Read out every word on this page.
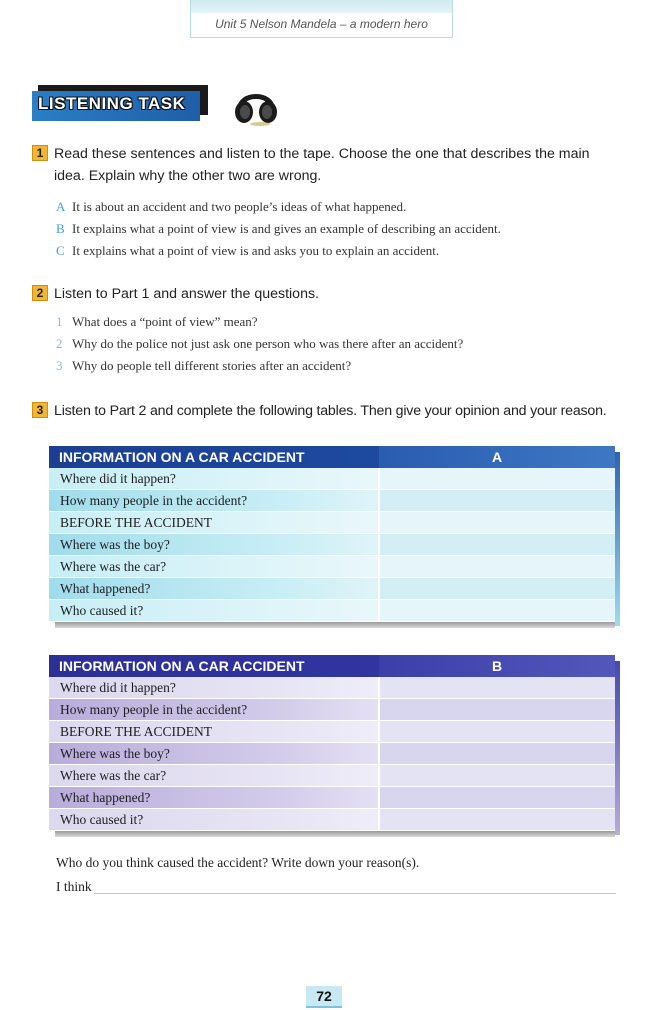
Unit 5 Nelson Mandela – a modern hero
LISTENING TASK
1 Read these sentences and listen to the tape. Choose the one that describes the main idea. Explain why the other two are wrong.
A It is about an accident and two people’s ideas of what happened.
B It explains what a point of view is and gives an example of describing an accident.
C It explains what a point of view is and asks you to explain an accident.
2 Listen to Part 1 and answer the questions.
1 What does a “point of view” mean?
2 Why do the police not just ask one person who was there after an accident?
3 Why do people tell different stories after an accident?
3 Listen to Part 2 and complete the following tables. Then give your opinion and your reason.
INFORMATION ON A CAR ACCIDENT	A
Where did it happen?
How many people in the accident?
BEFORE THE ACCIDENT
Where was the boy?
Where was the car?
What happened?
Who caused it?
INFORMATION ON A CAR ACCIDENT	B
Where did it happen?
How many people in the accident?
BEFORE THE ACCIDENT
Where was the boy?
Where was the car?
What happened?
Who caused it?
Who do you think caused the accident? Write down your reason(s).
I think
72
